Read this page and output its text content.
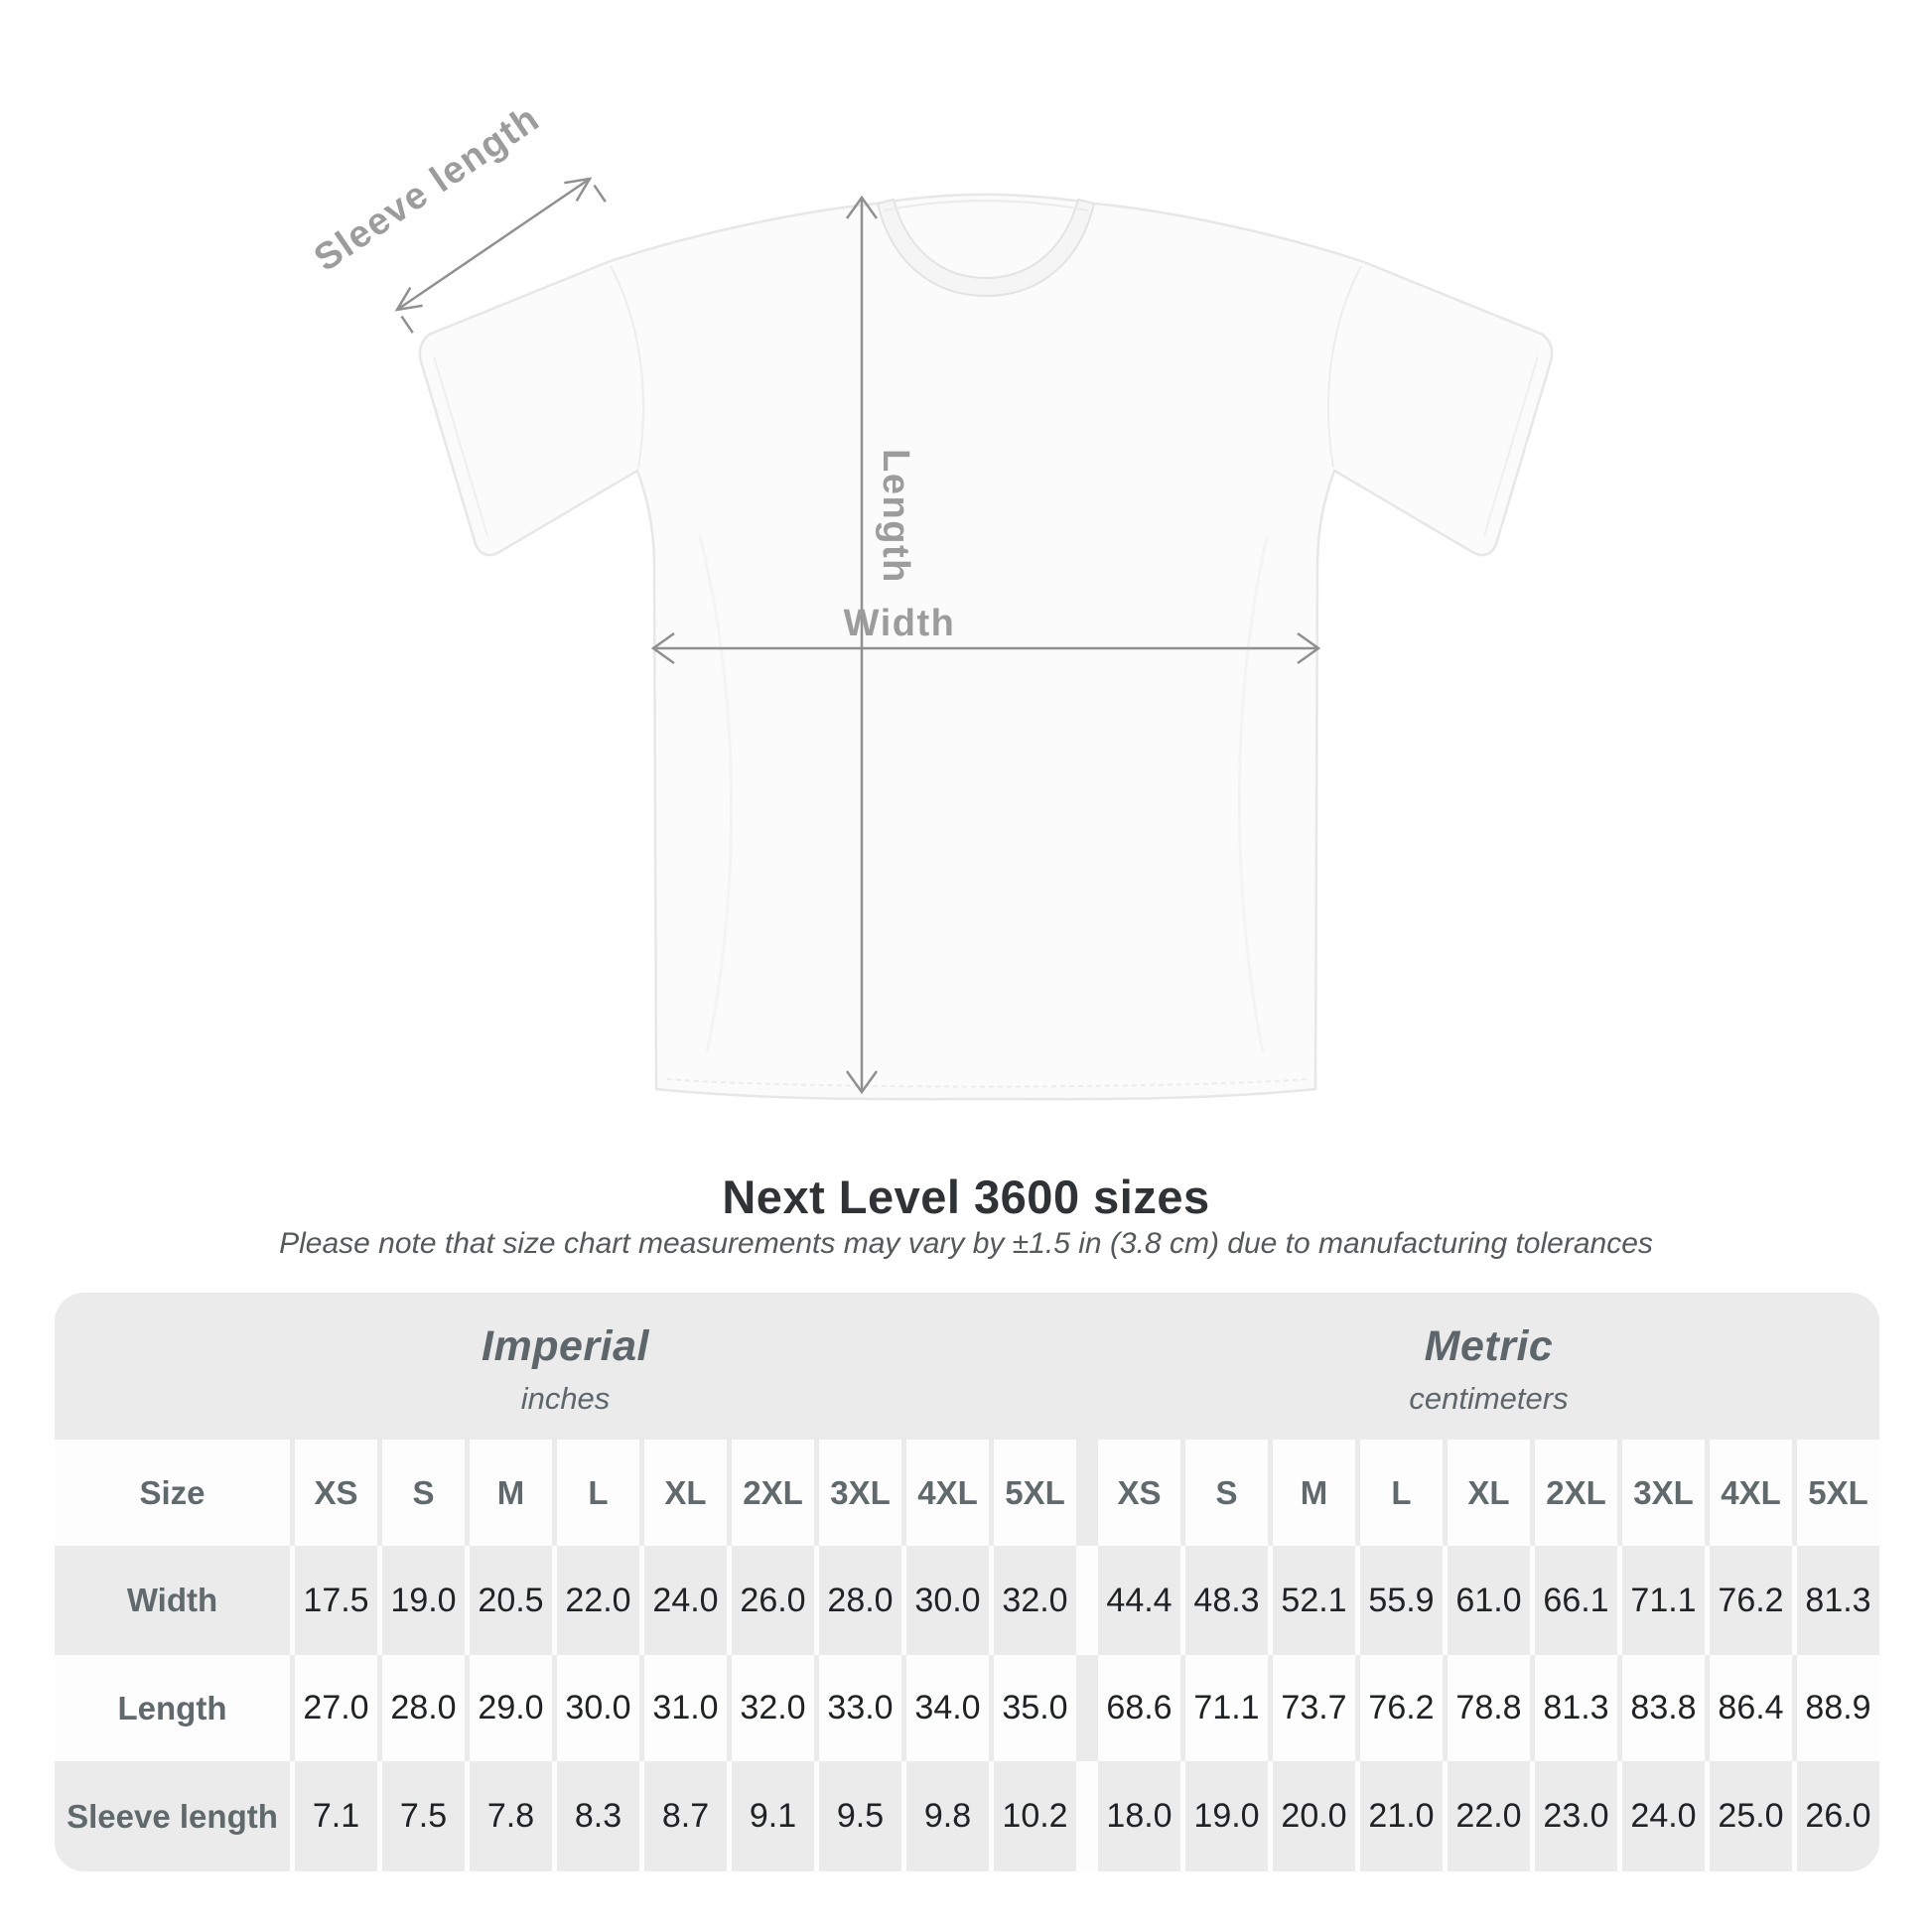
Sleeve length
Length
Width
Next Level 3600 sizes
Please note that size chart measurements may vary by ±1.5 in (3.8 cm) due to manufacturing tolerances
Imperial
inches
Metric
centimeters
Size	XS	S	M	L	XL	2XL 3XL 4XL 5XL	XS	S	M	L	XL	2XL 3XL 4XL 5XL
Width	17.5 19.0 20.5 22.0 24.0 26.0 28.0 30.0 32.0 44.4 48.3 52.1 55.9 61.0 66.1 71.1 76.2 81.3
Length	27.0 28.0 29.0 30.0 31.0 32.0 33.0 34.0 35.0 68.6 71.1 73.7 76.2 78.8 81.3 83.8 86.4 88.9
Sleeve length	7.1	7.5	7.8	8.3	8.7	9.1	9.5	9.8 10.2 18.0 19.0 20.0 21.0 22.0 23.0 24.0 25.0 26.0
